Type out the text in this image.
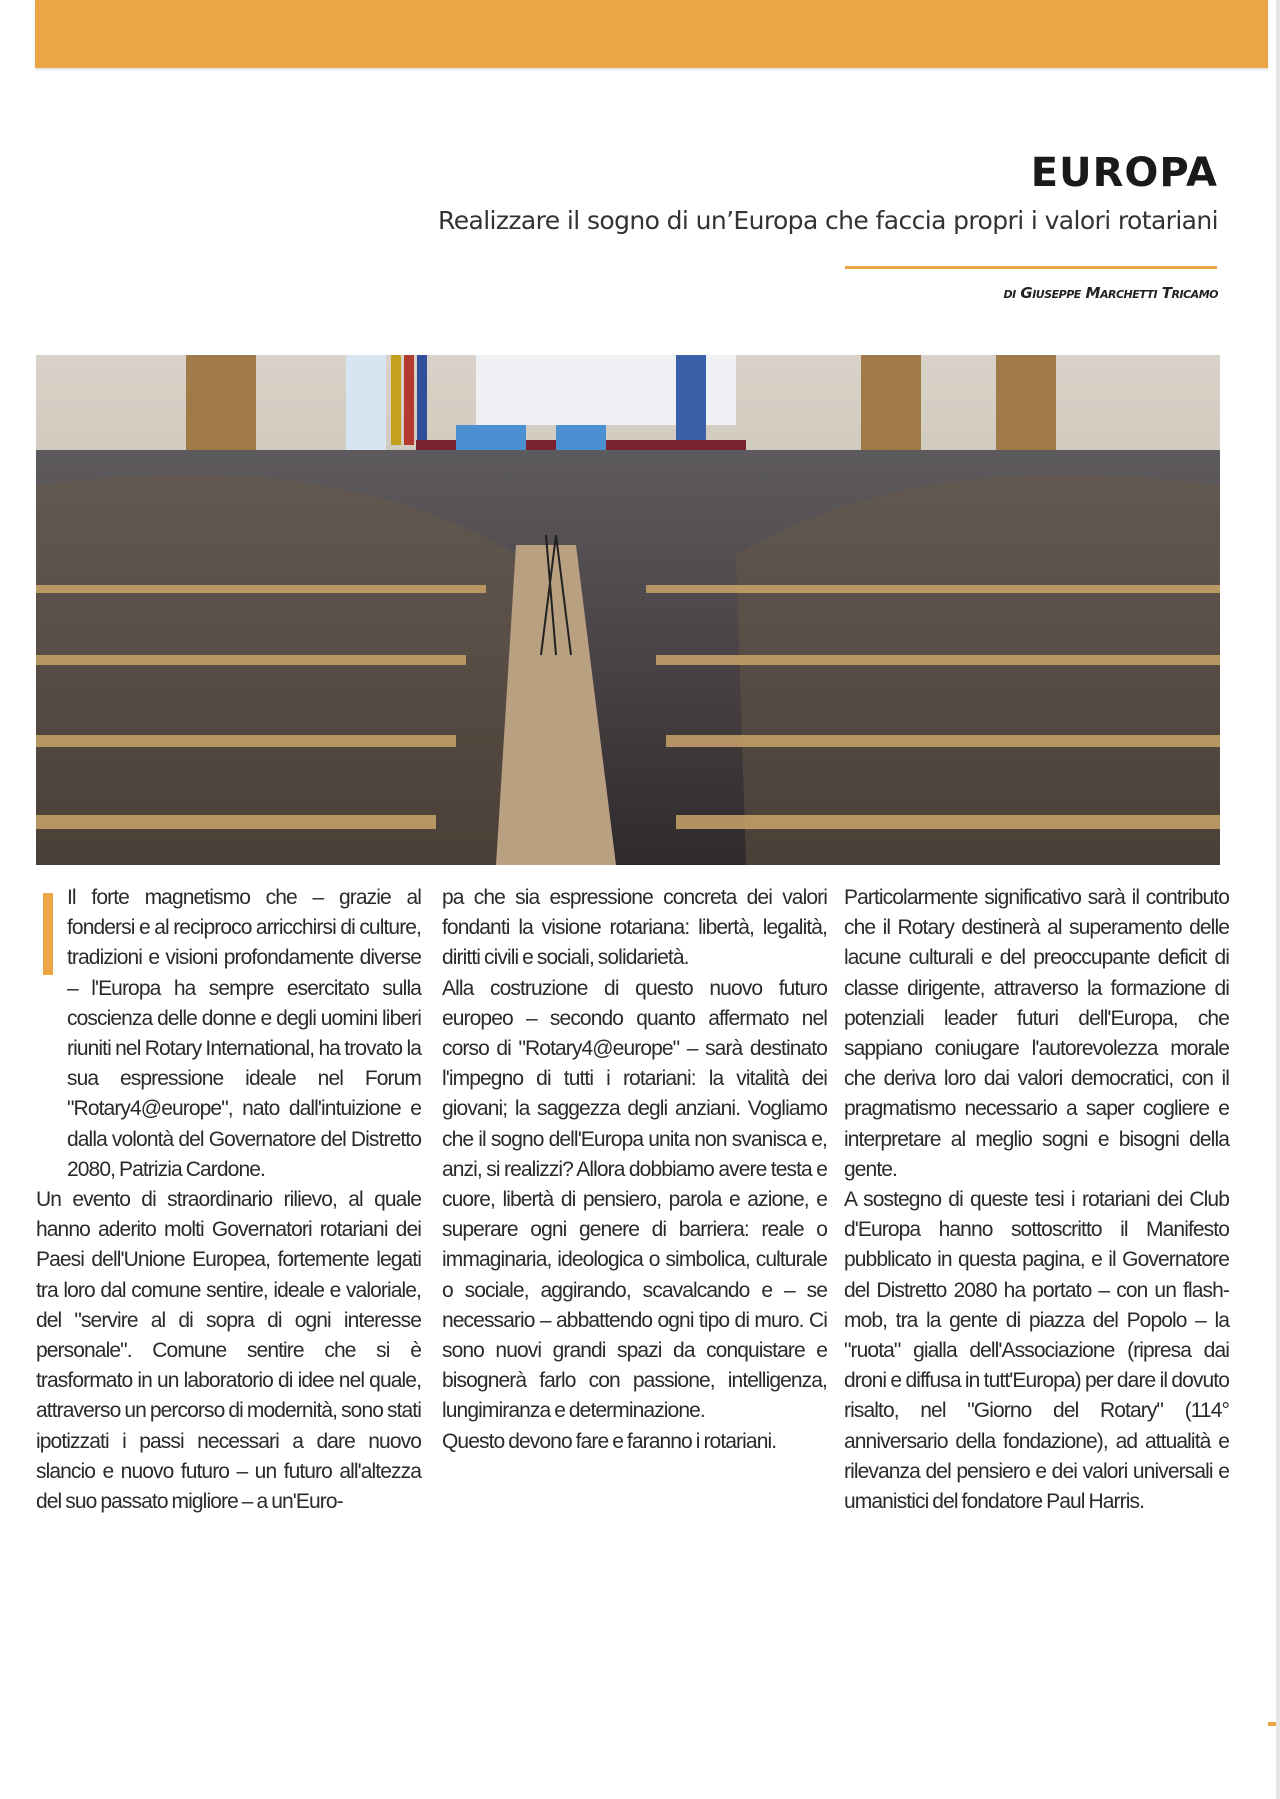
EUROPA
Realizzare il sogno di un’Europa che faccia propri i valori rotariani
di Giuseppe Marchetti Tricamo

Il forte magnetismo che – grazie al fondersi e al reciproco arricchirsi di culture, tradizioni e visioni profondamente diverse – l'Europa ha sempre esercitato sulla coscienza delle donne e degli uomini liberi riuniti nel Rotary International, ha trovato la sua espressione ideale nel Forum "Rotary4@europe", nato dall'intuizione e dalla volontà del Governatore del Distretto 2080, Patrizia Cardone.

Un evento di straordinario rilievo, al quale hanno aderito molti Governatori rotariani dei Paesi dell'Unione Europea, fortemente legati tra loro dal comune sentire, ideale e valoriale, del "servire al di sopra di ogni interesse personale". Comune sentire che si è trasformato in un laboratorio di idee nel quale, attraverso un percorso di modernità, sono stati ipotizzati i passi necessari a dare nuovo slancio e nuovo futuro – un futuro all'altezza del suo passato migliore – a un'Euro-

pa che sia espressione concreta dei valori fondanti la visione rotariana: libertà, legalità, diritti civili e sociali, solidarietà.

Alla costruzione di questo nuovo futuro europeo – secondo quanto affermato nel corso di "Rotary4@europe" – sarà destinato l'impegno di tutti i rotariani: la vitalità dei giovani; la saggezza degli anziani. Vogliamo che il sogno dell'Europa unita non svanisca e, anzi, si realizzi? Allora dobbiamo avere testa e cuore, libertà di pensiero, parola e azione, e superare ogni genere di barriera: reale o immaginaria, ideologica o simbolica, culturale o sociale, aggirando, scavalcando e – se necessario – abbattendo ogni tipo di muro. Ci sono nuovi grandi spazi da conquistare e bisognerà farlo con passione, intelligenza, lungimiranza e determinazione.

Questo devono fare e faranno i rotariani.

Particolarmente significativo sarà il contributo che il Rotary destinerà al superamento delle lacune culturali e del preoccupante deficit di classe dirigente, attraverso la formazione di potenziali leader futuri dell'Europa, che sappiano coniugare l'autorevolezza morale che deriva loro dai valori democratici, con il pragmatismo necessario a saper cogliere e interpretare al meglio sogni e bisogni della gente.

A sostegno di queste tesi i rotariani dei Club d'Europa hanno sottoscritto il Manifesto pubblicato in questa pagina, e il Governatore del Distretto 2080 ha portato – con un flash-mob, tra la gente di piazza del Popolo – la "ruota" gialla dell'Associazione (ripresa dai droni e diffusa in tutt'Europa) per dare il dovuto risalto, nel "Giorno del Rotary" (114° anniversario della fondazione), ad attualità e rilevanza del pensiero e dei valori universali e umanistici del fondatore Paul Harris.
